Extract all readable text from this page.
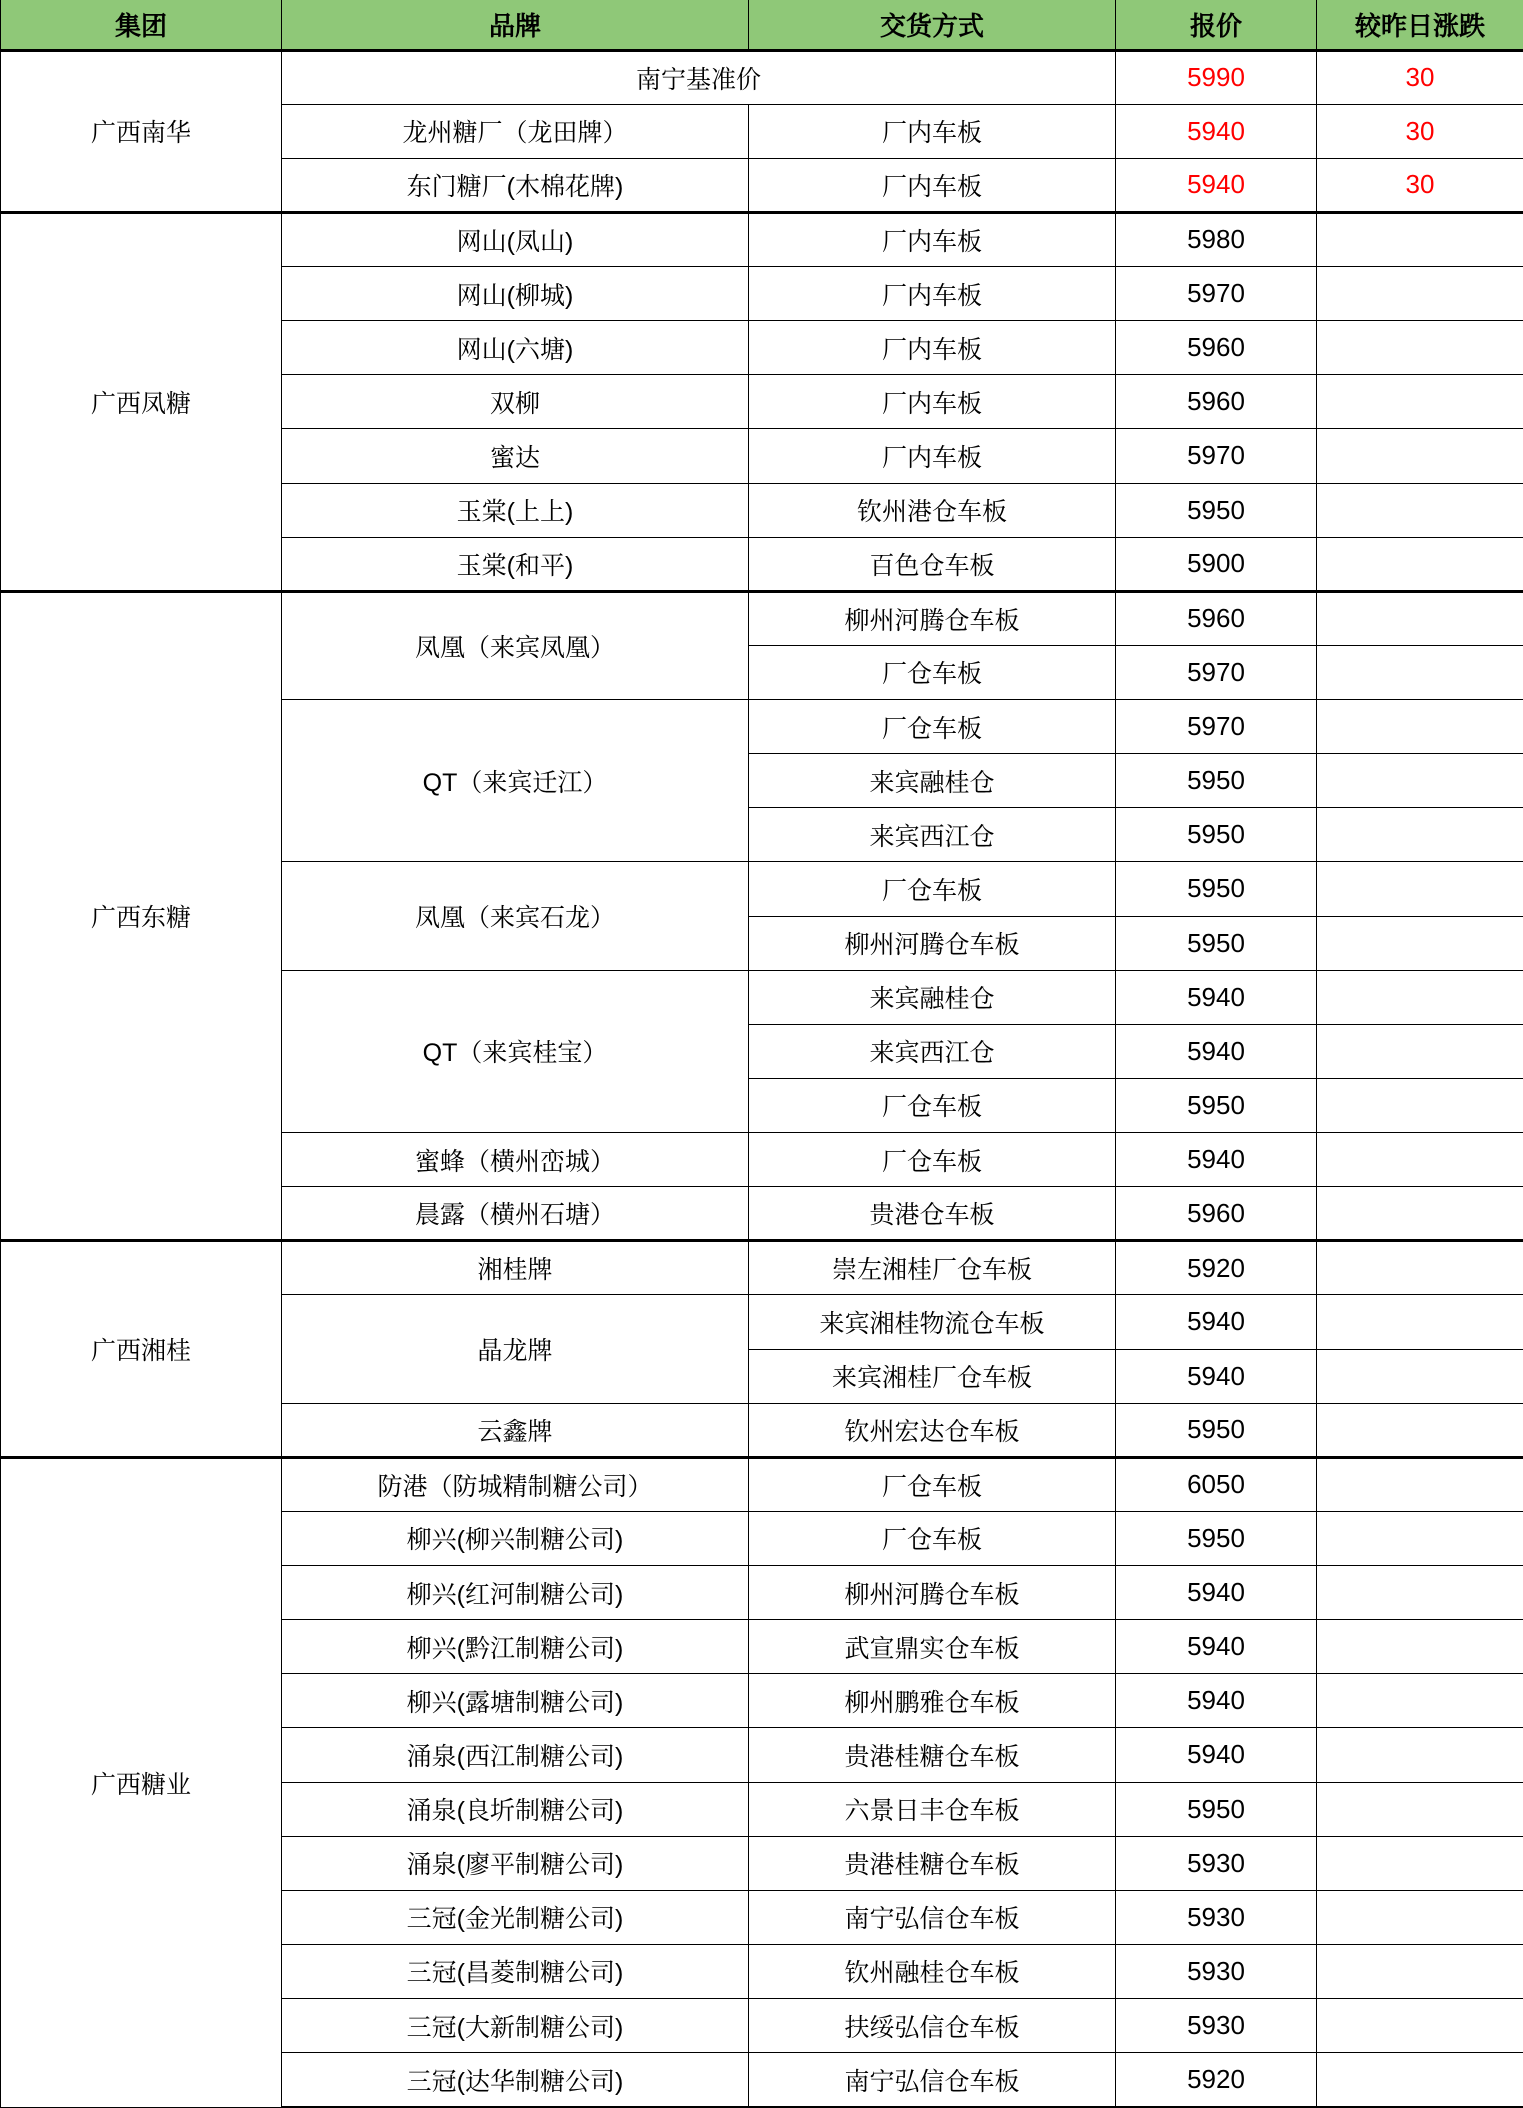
集团	品牌	交货方式	报价	较昨日涨跌
广西南华	南宁基准价		5990	30
	龙州糖厂（龙田牌）	厂内车板	5940	30
	东门糖厂(木棉花牌)	厂内车板	5940	30
广西凤糖	网山(凤山)	厂内车板	5980	
	网山(柳城)	厂内车板	5970	
	网山(六塘)	厂内车板	5960	
	双柳	厂内车板	5960	
	蜜达	厂内车板	5970	
	玉棠(上上)	钦州港仓车板	5950	
	玉棠(和平)	百色仓车板	5900	
广西东糖	凤凰（来宾凤凰）	柳州河腾仓车板	5960	
		厂仓车板	5970	
	QT（来宾迁江）	厂仓车板	5970	
		来宾融桂仓	5950	
		来宾西江仓	5950	
	凤凰（来宾石龙）	厂仓车板	5950	
		柳州河腾仓车板	5950	
	QT（来宾桂宝）	来宾融桂仓	5940	
		来宾西江仓	5940	
		厂仓车板	5950	
	蜜蜂（横州峦城）	厂仓车板	5940	
	晨露（横州石塘）	贵港仓车板	5960	
广西湘桂	湘桂牌	崇左湘桂厂仓车板	5920	
	晶龙牌	来宾湘桂物流仓车板	5940	
		来宾湘桂厂仓车板	5940	
	云鑫牌	钦州宏达仓车板	5950	
广西糖业	防港（防城精制糖公司）	厂仓车板	6050	
	柳兴(柳兴制糖公司)	厂仓车板	5950	
	柳兴(红河制糖公司)	柳州河腾仓车板	5940	
	柳兴(黔江制糖公司)	武宣鼎实仓车板	5940	
	柳兴(露塘制糖公司)	柳州鹏雅仓车板	5940	
	涌泉(西江制糖公司)	贵港桂糖仓车板	5940	
	涌泉(良圻制糖公司)	六景日丰仓车板	5950	
	涌泉(廖平制糖公司)	贵港桂糖仓车板	5930	
	三冠(金光制糖公司)	南宁弘信仓车板	5930	
	三冠(昌菱制糖公司)	钦州融桂仓车板	5930	
	三冠(大新制糖公司)	扶绥弘信仓车板	5930	
	三冠(达华制糖公司)	南宁弘信仓车板	5920	
